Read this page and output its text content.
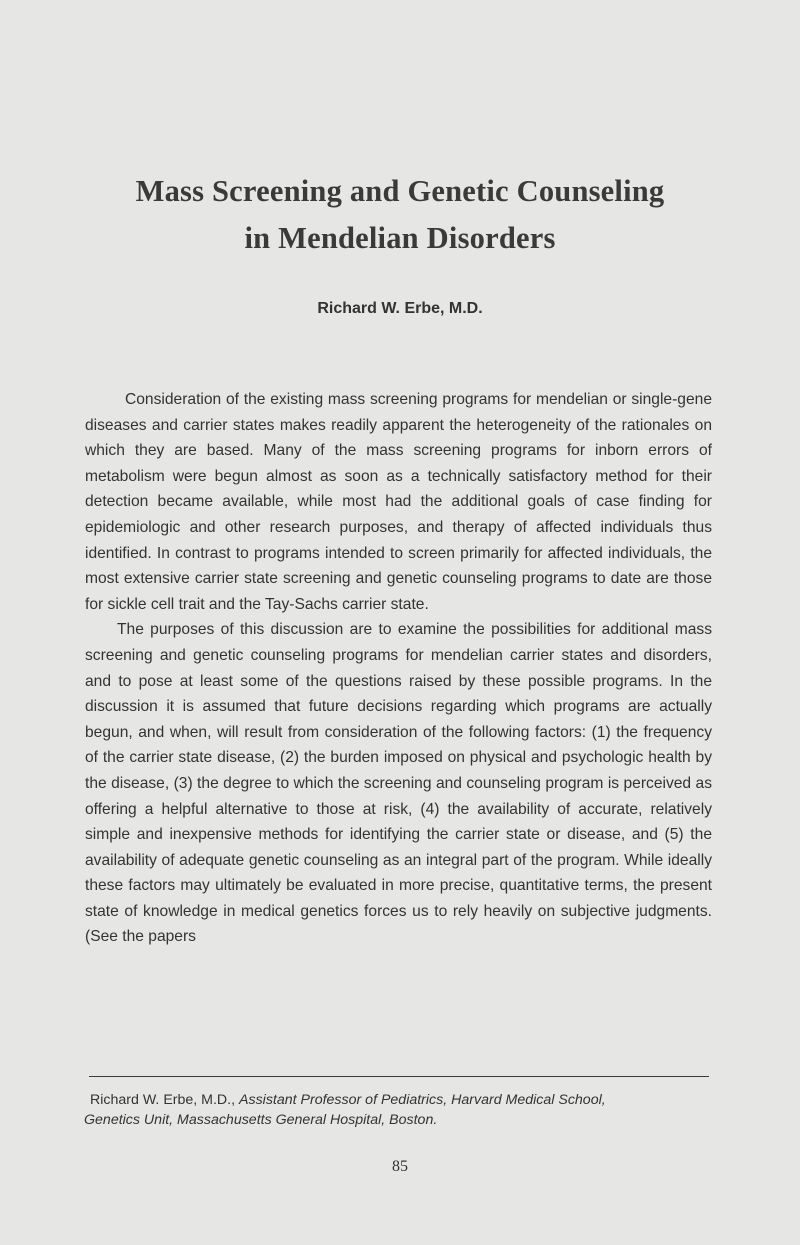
Mass Screening and Genetic Counseling
in Mendelian Disorders
Richard W. Erbe, M.D.

Consideration of the existing mass screening programs for mendelian or single-gene diseases and carrier states makes readily apparent the heterogeneity of the rationales on which they are based. Many of the mass screening programs for inborn errors of metabolism were begun almost as soon as a technically satisfactory method for their detection became available, while most had the additional goals of case finding for epidemiologic and other research purposes, and therapy of affected individuals thus identified. In contrast to programs intended to screen primarily for affected individuals, the most extensive carrier state screening and genetic counseling programs to date are those for sickle cell trait and the Tay-Sachs carrier state.

The purposes of this discussion are to examine the possibilities for additional mass screening and genetic counseling programs for mendelian carrier states and disorders, and to pose at least some of the questions raised by these possible programs. In the discussion it is assumed that future decisions regarding which programs are actually begun, and when, will result from consideration of the following factors: (1) the frequency of the carrier state disease, (2) the burden imposed on physical and psychologic health by the disease, (3) the degree to which the screening and counseling program is perceived as offering a helpful alternative to those at risk, (4) the availability of accurate, relatively simple and inexpensive methods for identifying the carrier state or disease, and (5) the availability of adequate genetic counseling as an integral part of the program. While ideally these factors may ultimately be evaluated in more precise, quantitative terms, the present state of knowledge in medical genetics forces us to rely heavily on subjective judgments. (See the papers

Richard W. Erbe, M.D., Assistant Professor of Pediatrics, Harvard Medical School,
Genetics Unit, Massachusetts General Hospital, Boston.
85
